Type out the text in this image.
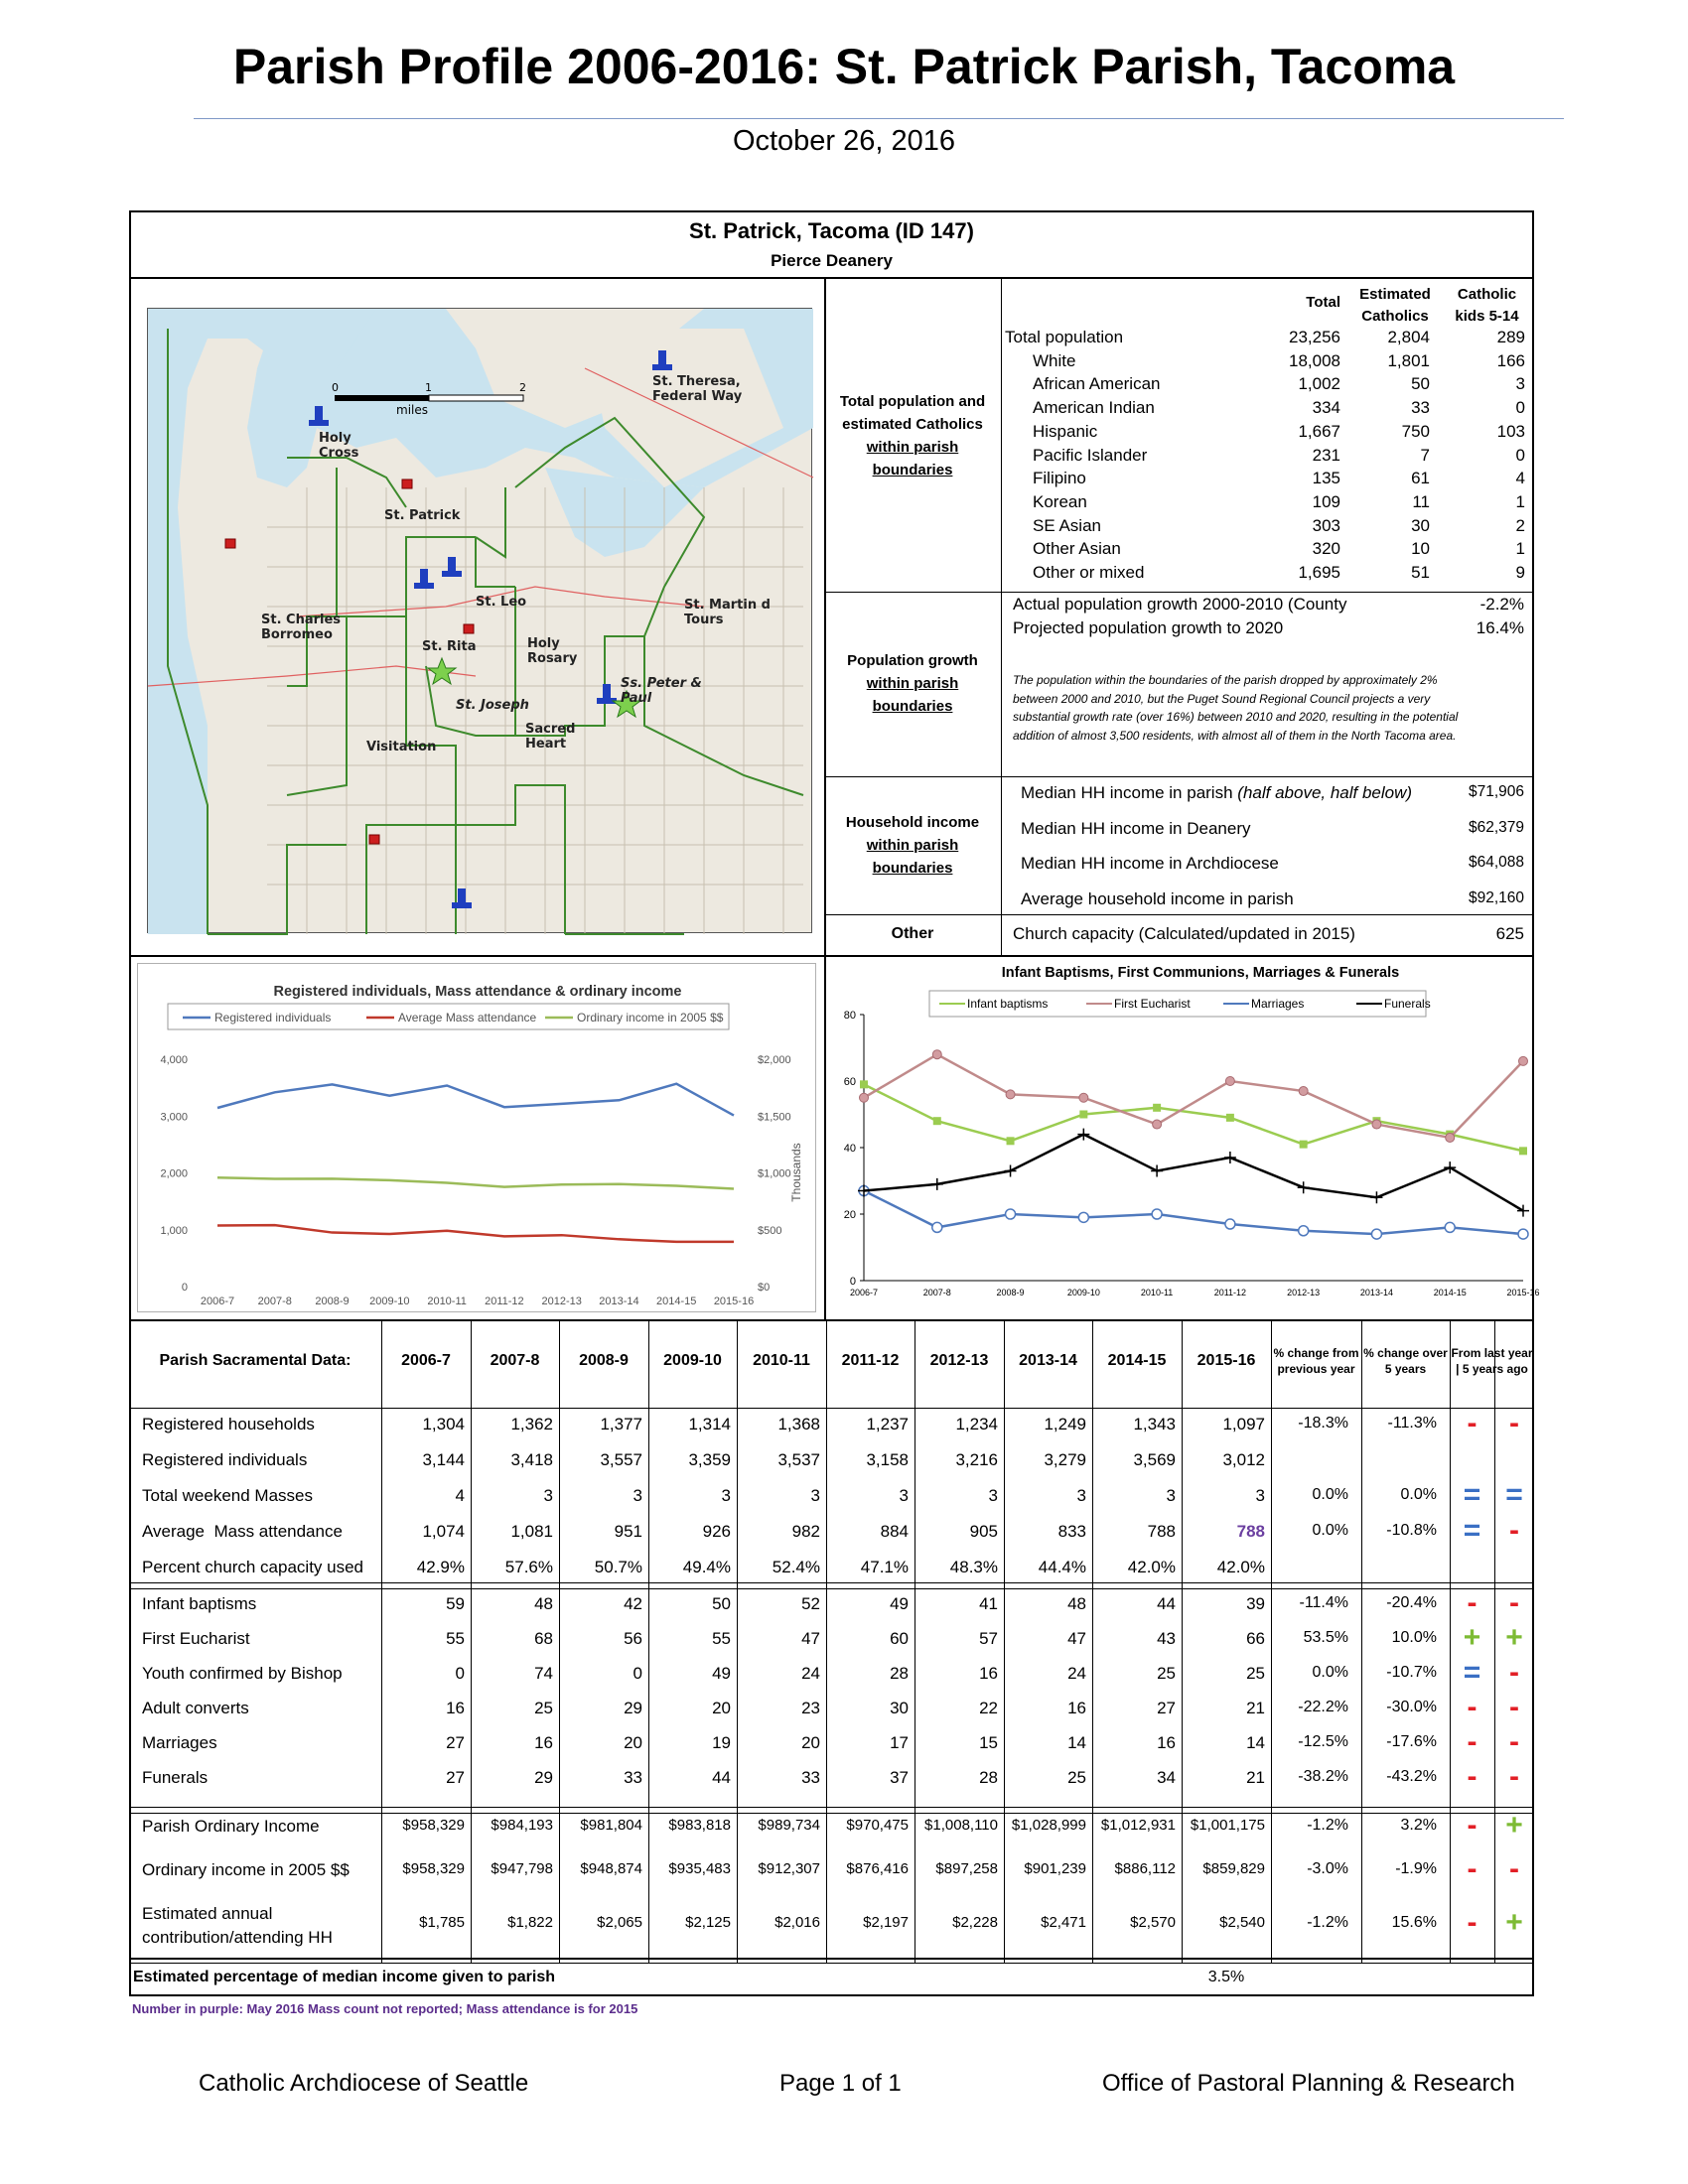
Parish Profile 2006-2016: St. Patrick Parish, Tacoma
October 26, 2016
St. Patrick, Tacoma (ID 147)
Pierce Deanery
0	1	2
miles
Holy
Cross
St. Theresa,
Federal Way
St. Patrick
St. Leo	St. Martin d
Tours
St. Charles
Borromeo
St. Rita	Holy
Rosary
Ss. Peter &
Paul
St. Joseph
Sacred
Heart
Visitation
Total population and
estimated Catholics
within parish
boundaries
Total	Estimated
Catholics
Catholic
kids 5-14
Total population	23,256	2,804	289
White	18,008	1,801	166
African American	1,002	50	3
American Indian	334	33	0
Hispanic	1,667	750	103
Pacific Islander	231	7	0
Filipino	135	61	4
Korean	109	11	1
SE Asian	303	30	2
Other Asian	320	10	1
Other or mixed	1,695	51	9
Population growth
within parish
boundaries
Actual population growth 2000-2010 (County	-2.2%
Projected population growth to 2020	16.4%
The population within the boundaries of the parish dropped by approximately 2%
between 2000 and 2010, but the Puget Sound Regional Council projects a very
substantial growth rate (over 16%) between 2010 and 2020, resulting in the potential
addition of almost 3,500 residents, with almost all of them in the North Tacoma area.
Household income
within parish
boundaries
Median HH income in parish (half above, half below)	$71,906
Median HH income in Deanery	$62,379
Median HH income in Archdiocese	$64,088
Average household income in parish	$92,160
Other	Church capacity (Calculated/updated in 2015)	625
Registered individuals, Mass attendance & ordinary income
Registered individuals	Average Mass attendance	Ordinary income in 2005 $$
4,000	$2,000
3,000	$1,500
2,000	$1,000
1,000	$500
0	$0
Thousands
2006-7 2007-8 2008-9 2009-10 2010-11 2011-12 2012-13 2013-14 2014-15 2015-16
Infant Baptisms, First Communions, Marriages & Funerals
80
60
40
20
0
2006-7	2007-8	2008-9	2009-10	2010-11	2011-12	2012-13	2013-14	2014-15	2015-16
Infant baptisms	First Eucharist	Marriages	Funerals
Parish Sacramental Data:	2006-7	2007-8	2008-9	2009-10	2010-11	2011-12	2012-13	2013-14	2014-15	2015-16	% change from
previous year
% change over
5 years
From last year
| 5 years ago
Registered households	1,304	1,362	1,377	1,314	1,368	1,237	1,234	1,249	1,343	1,097	-18.3%	-11.3%	-	-
Registered individuals	3,144	3,418	3,557	3,359	3,537	3,158	3,216	3,279	3,569	3,012
Total weekend Masses	4	3	3	3	3	3	3	3	3	3	0.0%	0.0% = =
Average  Mass attendance	1,074	1,081	951	926	982	884	905	833	788	788	0.0%	-10.8% = -
Percent church capacity used	42.9%	57.6%	50.7%	49.4%	52.4%	47.1%	48.3%	44.4%	42.0%	42.0%
Infant baptisms	59	48	42	50	52	49	41	48	44	39	-11.4%	-20.4%	-	-
First Eucharist	55	68	56	55	47	60	57	47	43	66	53.5%	10.0% + +
Youth confirmed by Bishop	0	74	0	49	24	28	16	24	25	25	0.0%	-10.7% = -
Adult converts	16	25	29	20	23	30	22	16	27	21	-22.2%	-30.0%	-	-
Marriages	27	16	20	19	20	17	15	14	16	14	-12.5%	-17.6%	-	-
Funerals	27	29	33	44	33	37	28	25	34	21	-38.2%	-43.2%	-	-
Parish Ordinary Income	$958,329	$984,193	$981,804	$983,818	$989,734	$970,475	$1,008,110 $1,028,999 $1,012,931 $1,001,175	-1.2%	3.2%	- +
Ordinary income in 2005 $$	$958,329	$947,798	$948,874	$935,483	$912,307	$876,416	$897,258	$901,239	$886,112	$859,829	-3.0%	-1.9%	-	-
Estimated annual
contribution/attending HH
$1,785	$1,822	$2,065	$2,125	$2,016	$2,197	$2,228	$2,471	$2,570	$2,540	-1.2%	15.6%	- +
Estimated percentage of median income given to parish	3.5%
Number in purple: May 2016 Mass count not reported; Mass attendance is for 2015
Catholic Archdiocese of Seattle	Page 1 of 1	Office of Pastoral Planning & Research
